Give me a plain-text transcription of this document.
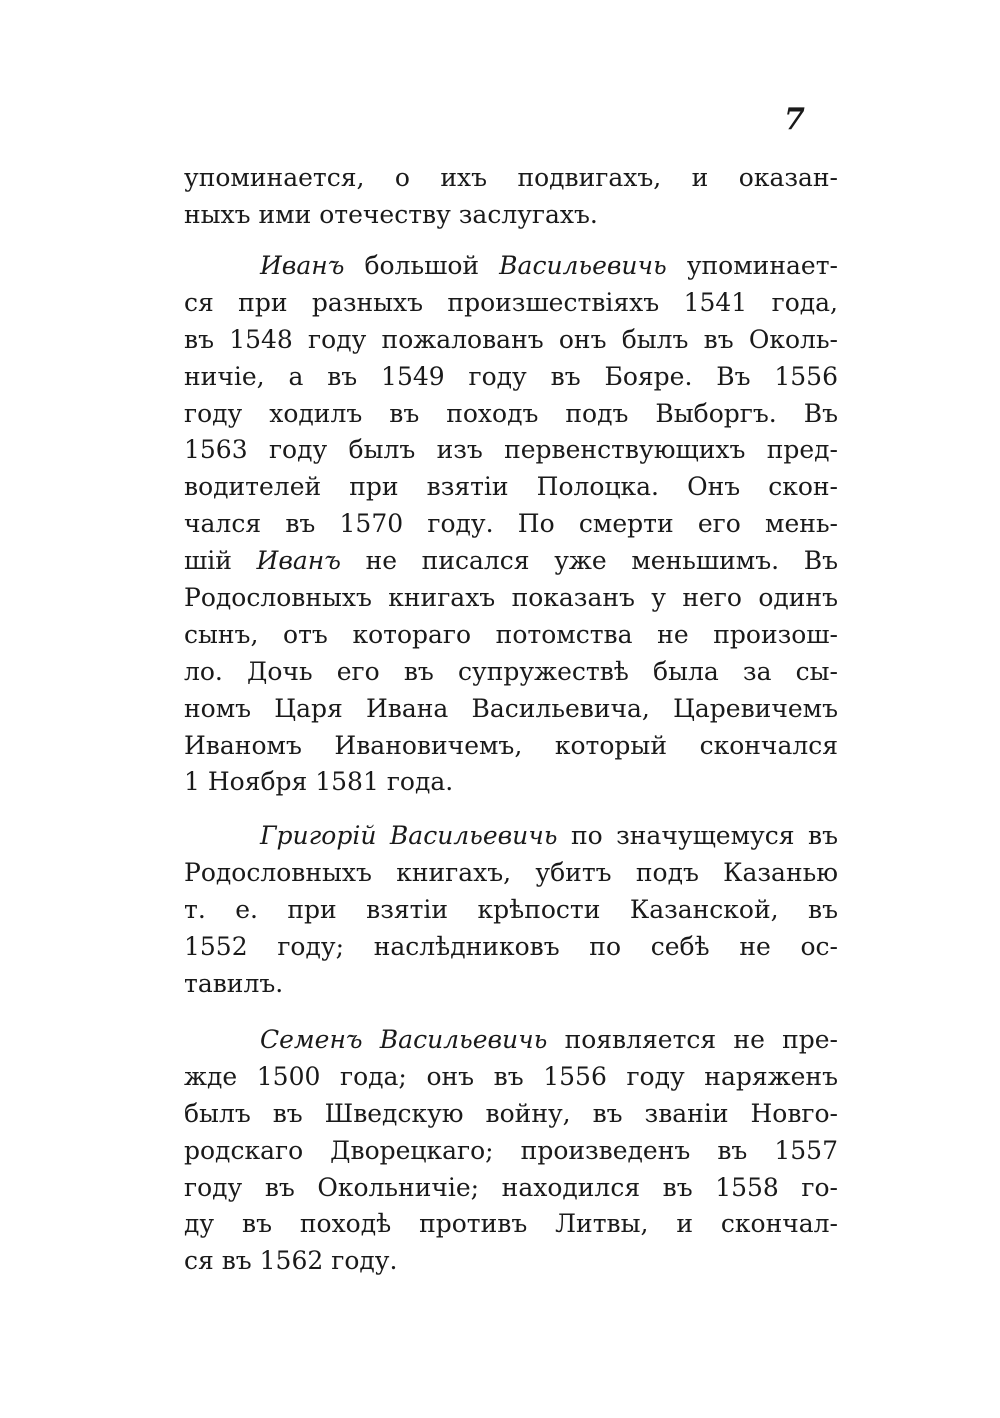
7
упоминается, о ихъ подвигахъ, и оказан-
ныхъ ими отечеству заслугахъ.
Иванъ большой Васильевичь упоминает-
ся при разныхъ произшествiяхъ 1541 года,
въ 1548 году пожалованъ онъ былъ въ Околь-
ничiе, а въ 1549 году въ Бояре. Въ 1556
году ходилъ въ походъ подъ Выборгъ. Въ
1563 году былъ изъ первенствующихъ пред-
водителей при взятiи Полоцка. Онъ скон-
чался въ 1570 году. По смерти его мень-
шiй Иванъ не писался уже меньшимъ. Въ
Родословныхъ книгахъ показанъ у него одинъ
сынъ, отъ котораго потомства не произош-
ло. Дочь его въ супружествѣ была за сы-
номъ Царя Ивана Васильевича, Царевичемъ
Иваномъ Ивановичемъ, который скончался
1 Ноября 1581 года.
Григорiй Васильевичь по значущемуся въ
Родословныхъ книгахъ, убитъ подъ Казанью
т. е. при взятiи крѣпости Казанской, въ
1552 году; наслѣдниковъ по себѣ не ос-
тавилъ.
Семенъ Васильевичь появляется не пре-
жде 1500 года; онъ въ 1556 году наряженъ
былъ въ Шведскую войну, въ званiи Новго-
родскаго Дворецкаго; произведенъ въ 1557
году въ Окольничiе; находился въ 1558 го-
ду въ походѣ противъ Литвы, и скончал-
ся въ 1562 году.
